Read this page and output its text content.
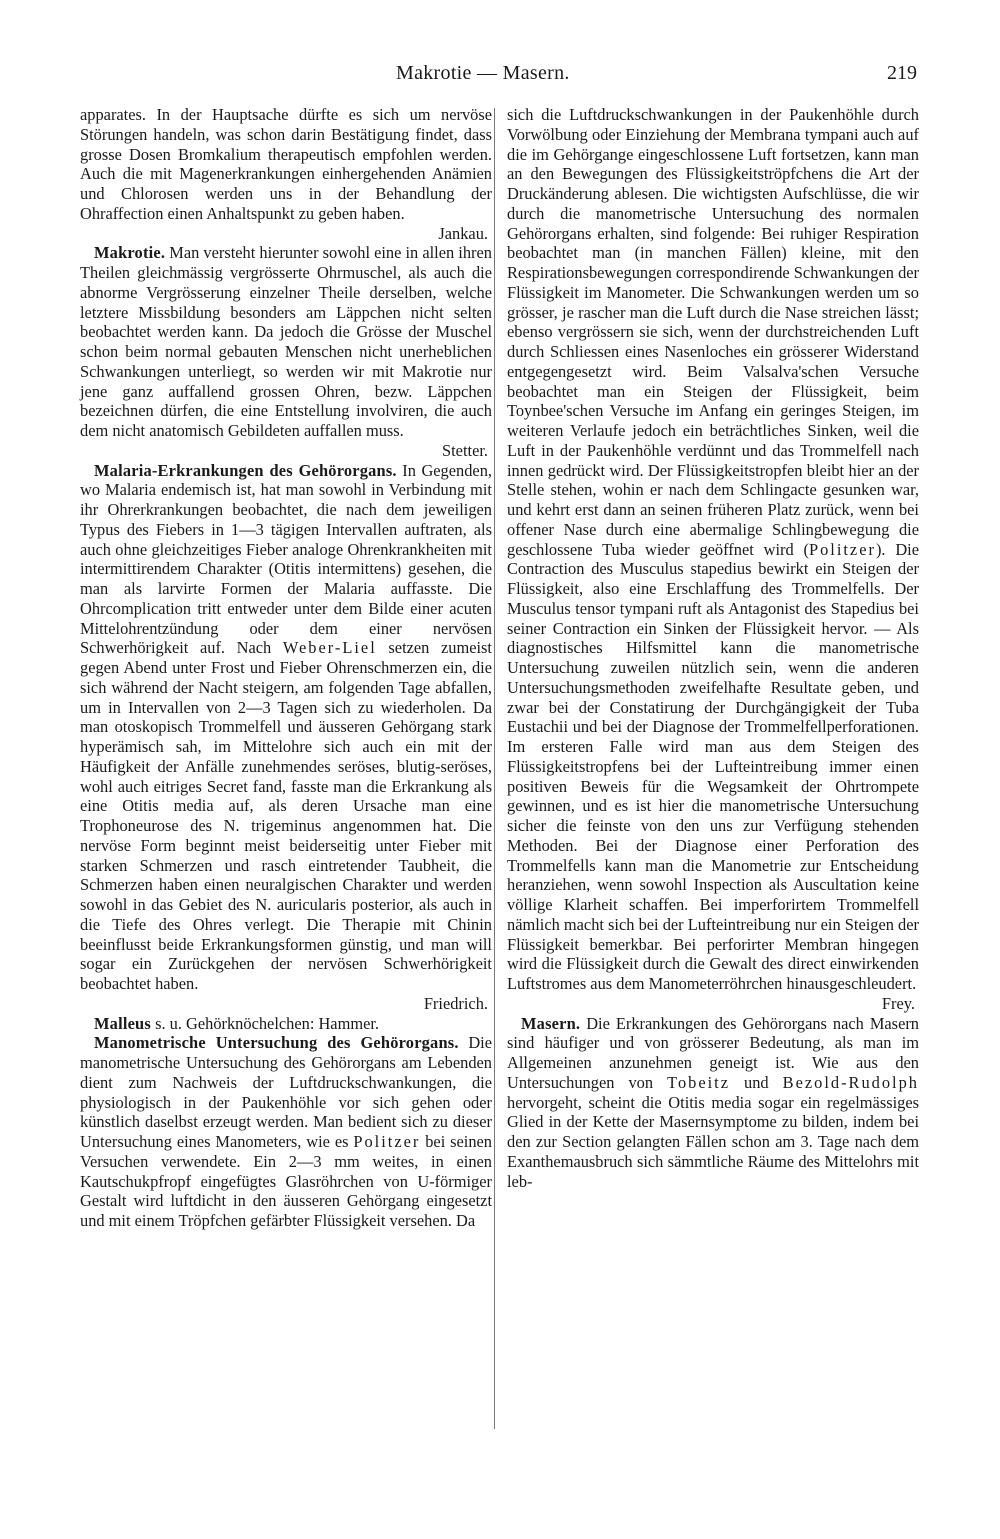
Makrotie — Masern.	219

apparates. In der Hauptsache dürfte es sich um nervöse Störungen handeln, was schon darin Bestätigung findet, dass grosse Dosen Bromkalium therapeutisch empfohlen werden. Auch die mit Magenerkrankungen einhergehenden Anämien und Chlorosen werden uns in der Behandlung der Ohraffection einen Anhaltspunkt zu geben haben.
Jankau.

Makrotie. Man versteht hierunter sowohl eine in allen ihren Theilen gleichmässig vergrösserte Ohrmuschel, als auch die abnorme Vergrösserung einzelner Theile derselben, welche letztere Missbildung besonders am Läppchen nicht selten beobachtet werden kann. Da jedoch die Grösse der Muschel schon beim normal gebauten Menschen nicht unerheblichen Schwankungen unterliegt, so werden wir mit Makrotie nur jene ganz auffallend grossen Ohren, bezw. Läppchen bezeichnen dürfen, die eine Entstellung involviren, die auch dem nicht anatomisch Gebildeten auffallen muss.
Stetter.

Malaria-Erkrankungen des Gehörorgans. In Gegenden, wo Malaria endemisch ist, hat man sowohl in Verbindung mit ihr Ohrerkrankungen beobachtet, die nach dem jeweiligen Typus des Fiebers in 1—3 tägigen Intervallen auftraten, als auch ohne gleichzeitiges Fieber analoge Ohrenkrankheiten mit intermittirendem Charakter (Otitis intermittens) gesehen, die man als larvirte Formen der Malaria auffasste. Die Ohrcomplication tritt entweder unter dem Bilde einer acuten Mittelohrentzündung oder dem einer nervösen Schwerhörigkeit auf. Nach Weber-Liel setzen zumeist gegen Abend unter Frost und Fieber Ohrenschmerzen ein, die sich während der Nacht steigern, am folgenden Tage abfallen, um in Intervallen von 2—3 Tagen sich zu wiederholen. Da man otoskopisch Trommelfell und äusseren Gehörgang stark hyperämisch sah, im Mittelohre sich auch ein mit der Häufigkeit der Anfälle zunehmendes seröses, blutig-seröses, wohl auch eitriges Secret fand, fasste man die Erkrankung als eine Otitis media auf, als deren Ursache man eine Trophoneurose des N. trigeminus angenommen hat. Die nervöse Form beginnt meist beiderseitig unter Fieber mit starken Schmerzen und rasch eintretender Taubheit, die Schmerzen haben einen neuralgischen Charakter und werden sowohl in das Gebiet des N. auricularis posterior, als auch in die Tiefe des Ohres verlegt. Die Therapie mit Chinin beeinflusst beide Erkrankungsformen günstig, und man will sogar ein Zurückgehen der nervösen Schwerhörigkeit beobachtet haben.
Friedrich.

Malleus s. u. Gehörknöchelchen: Hammer.

Manometrische Untersuchung des Gehörorgans. Die manometrische Untersuchung des Gehörorgans am Lebenden dient zum Nachweis der Luftdruckschwankungen, die physiologisch in der Paukenhöhle vor sich gehen oder künstlich daselbst erzeugt werden. Man bedient sich zu dieser Untersuchung eines Manometers, wie es Politzer bei seinen Versuchen verwendete. Ein 2—3 mm weites, in einen Kautschukpfropf eingefügtes Glasröhrchen von U-förmiger Gestalt wird luftdicht in den äusseren Gehörgang eingesetzt und mit einem Tröpfchen gefärbter Flüssigkeit versehen. Da

sich die Luftdruckschwankungen in der Paukenhöhle durch Vorwölbung oder Einziehung der Membrana tympani auch auf die im Gehörgange eingeschlossene Luft fortsetzen, kann man an den Bewegungen des Flüssigkeitströpfchens die Art der Druckänderung ablesen. Die wichtigsten Aufschlüsse, die wir durch die manometrische Untersuchung des normalen Gehörorgans erhalten, sind folgende: Bei ruhiger Respiration beobachtet man (in manchen Fällen) kleine, mit den Respirationsbewegungen correspondirende Schwankungen der Flüssigkeit im Manometer. Die Schwankungen werden um so grösser, je rascher man die Luft durch die Nase streichen lässt; ebenso vergrössern sie sich, wenn der durchstreichenden Luft durch Schliessen eines Nasenloches ein grösserer Widerstand entgegengesetzt wird. Beim Valsalva'schen Versuche beobachtet man ein Steigen der Flüssigkeit, beim Toynbee'schen Versuche im Anfang ein geringes Steigen, im weiteren Verlaufe jedoch ein beträchtliches Sinken, weil die Luft in der Paukenhöhle verdünnt und das Trommelfell nach innen gedrückt wird. Der Flüssigkeitstropfen bleibt hier an der Stelle stehen, wohin er nach dem Schlingacte gesunken war, und kehrt erst dann an seinen früheren Platz zurück, wenn bei offener Nase durch eine abermalige Schlingbewegung die geschlossene Tuba wieder geöffnet wird (Politzer). Die Contraction des Musculus stapedius bewirkt ein Steigen der Flüssigkeit, also eine Erschlaffung des Trommelfells. Der Musculus tensor tympani ruft als Antagonist des Stapedius bei seiner Contraction ein Sinken der Flüssigkeit hervor. — Als diagnostisches Hilfsmittel kann die manometrische Untersuchung zuweilen nützlich sein, wenn die anderen Untersuchungsmethoden zweifelhafte Resultate geben, und zwar bei der Constatirung der Durchgängigkeit der Tuba Eustachii und bei der Diagnose der Trommelfellperforationen. Im ersteren Falle wird man aus dem Steigen des Flüssigkeitstropfens bei der Lufteintreibung immer einen positiven Beweis für die Wegsamkeit der Ohrtrompete gewinnen, und es ist hier die manometrische Untersuchung sicher die feinste von den uns zur Verfügung stehenden Methoden. Bei der Diagnose einer Perforation des Trommelfells kann man die Manometrie zur Entscheidung heranziehen, wenn sowohl Inspection als Auscultation keine völlige Klarheit schaffen. Bei imperforirtem Trommelfell nämlich macht sich bei der Lufteintreibung nur ein Steigen der Flüssigkeit bemerkbar. Bei perforirter Membran hingegen wird die Flüssigkeit durch die Gewalt des direct einwirkenden Luftstromes aus dem Manometerröhrchen hinausgeschleudert.
Frey.

Masern. Die Erkrankungen des Gehörorgans nach Masern sind häufiger und von grösserer Bedeutung, als man im Allgemeinen anzunehmen geneigt ist. Wie aus den Untersuchungen von Tobeitz und Bezold-Rudolph hervorgeht, scheint die Otitis media sogar ein regelmässiges Glied in der Kette der Masernsymptome zu bilden, indem bei den zur Section gelangten Fällen schon am 3. Tage nach dem Exanthemausbruch sich sämmtliche Räume des Mittelohrs mit leb-
